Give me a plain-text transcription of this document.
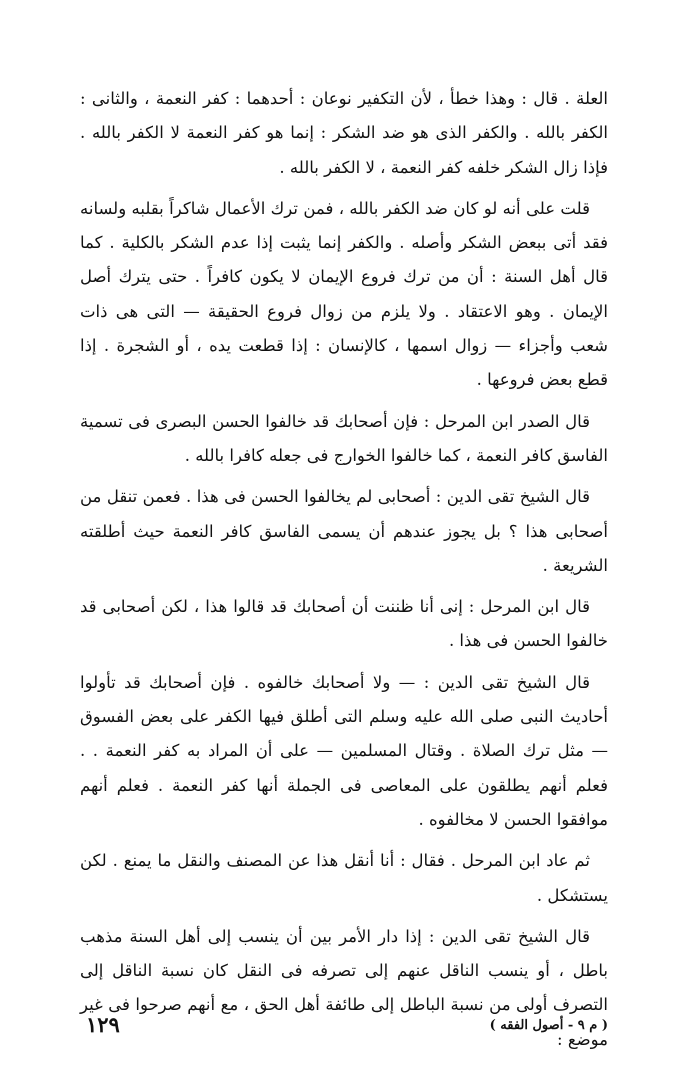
العلة . قال : وهذا خطأ ، لأن التكفير نوعان : أحدهما : كفر النعمة ، والثانى : الكفر بالله . والكفر الذى هو ضد الشكر : إنما هو كفر النعمة لا الكفر بالله . فإذا زال الشكر خلفه كفر النعمة ، لا الكفر بالله .

قلت على أنه لو كان ضد الكفر بالله ، فمن ترك الأعمال شاكراً بقلبه ولسانه فقد أتى ببعض الشكر وأصله . والكفر إنما يثبت إذا عدم الشكر بالكلية . كما قال أهل السنة : أن من ترك فروع الإيمان لا يكون كافراً . حتى يترك أصل الإيمان . وهو الاعتقاد . ولا يلزم من زوال فروع الحقيقة — التى هى ذات شعب وأجزاء — زوال اسمها ، كالإنسان : إذا قطعت يده ، أو الشجرة . إذا قطع بعض فروعها .

قال الصدر ابن المرحل : فإن أصحابك قد خالفوا الحسن البصرى فى تسمية الفاسق كافر النعمة ، كما خالفوا الخوارج فى جعله كافرا بالله .

قال الشيخ تقى الدين : أصحابى لم يخالفوا الحسن فى هذا . فعمن تنقل من أصحابى هذا ؟ بل يجوز عندهم أن يسمى الفاسق كافر النعمة حيث أطلقته الشريعة .

قال ابن المرحل : إنى أنا ظننت أن أصحابك قد قالوا هذا ، لكن أصحابى قد خالفوا الحسن فى هذا .

قال الشيخ تقى الدين : — ولا أصحابك خالفوه . فإن أصحابك قد تأولوا أحاديث النبى صلى الله عليه وسلم التى أطلق فيها الكفر على بعض الفسوق — مثل ترك الصلاة . وقتال المسلمين — على أن المراد به كفر النعمة . . فعلم أنهم يطلقون على المعاصى فى الجملة أنها كفر النعمة . فعلم أنهم موافقوا الحسن لا مخالفوه .

ثم عاد ابن المرحل . فقال : أنا أنقل هذا عن المصنف والنقل ما يمنع . لكن يستشكل .

قال الشيخ تقى الدين : إذا دار الأمر بين أن ينسب إلى أهل السنة مذهب باطل ، أو ينسب الناقل عنهم إلى تصرفه فى النقل كان نسبة الناقل إلى التصرف أولى من نسبة الباطل إلى طائفة أهل الحق ، مع أنهم صرحوا فى غير موضع :

( م ٩ - أصول الفقه )
١٢٩
